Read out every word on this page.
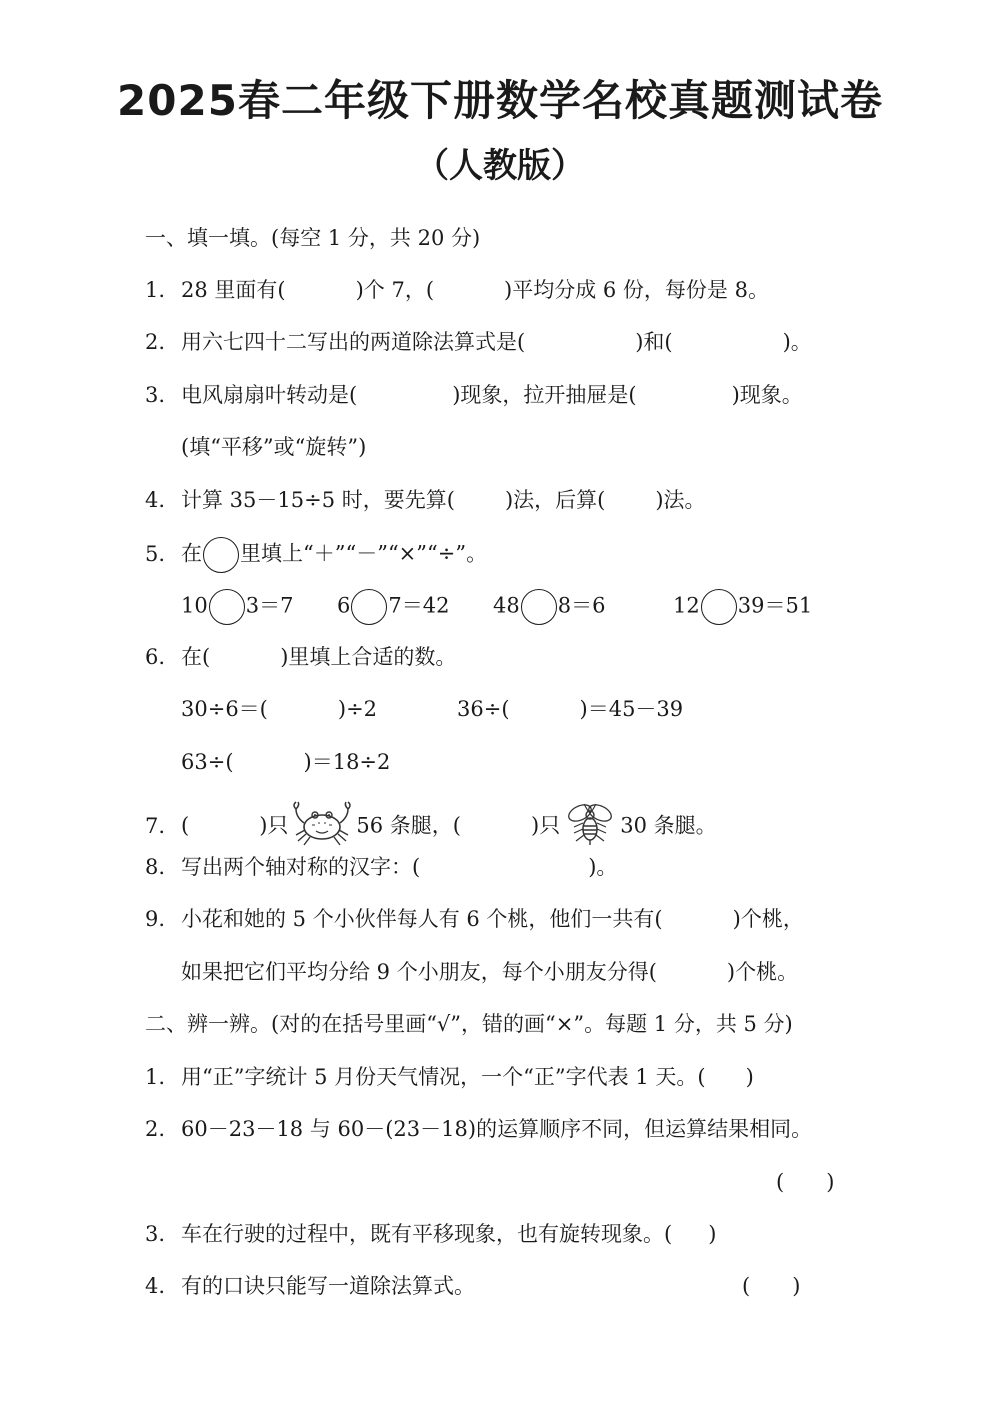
2025春二年级下册数学名校真题测试卷
（人教版）
一、填一填。(每空 1 分，共 20 分)
1. 28 里面有(	)个 7，(	)平均分成 6 份，每份是 8。
2. 用六七四十二写出的两道除法算式是(	)和(	)。
3. 电风扇扇叶转动是(	)现象，拉开抽屉是(	)现象。
(填“平移”或“旋转”)
4. 计算 35－15÷5 时，要先算( )法，后算( )法。
5. 在 里填上“＋”“－”“×”“÷”。
10 3＝7 6 7＝42 48 8＝6	12 39＝51
6. 在(	)里填上合适的数。
30÷6＝(	)÷2	36÷(	)＝45－39
63÷(	)＝18÷2
7. (	)只	56 条腿，(	)只	30 条腿。
8. 写出两个轴对称的汉字：(	)。
9. 小花和她的 5 个小伙伴每人有 6 个桃，他们一共有(	)个桃，
如果把它们平均分给 9 个小朋友，每个小朋友分得(	)个桃。
二、辨一辨。(对的在括号里画“√”，错的画“×”。每题 1 分，共 5 分)
1. 用“正”字统计 5 月份天气情况，一个“正”字代表 1 天。( )
2. 60－23－18 与 60－(23－18)的运算顺序不同，但运算结果相同。
(　　)
3. 车在行驶的过程中，既有平移现象，也有旋转现象。( )
4. 有的口诀只能写一道除法算式。	(　　)
